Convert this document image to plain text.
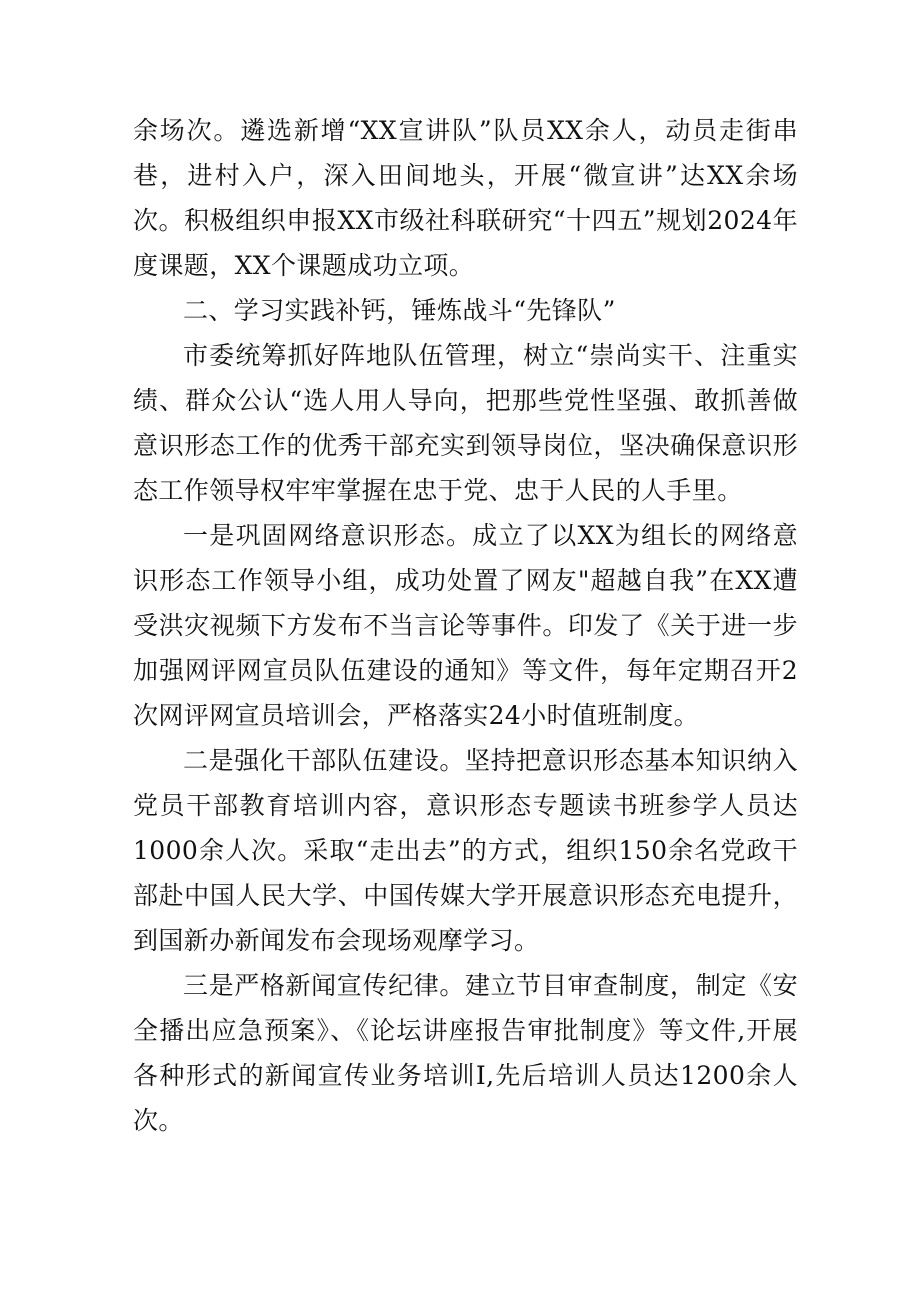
余场次。遴选新增“XX宣讲队”队员XX余人，动员走街串巷，进村入户，深入田间地头，开展“微宣讲”达XX余场次。积极组织申报XX市级社科联研究“十四五”规划2024年度课题，XX个课题成功立项。

二、学习实践补钙，锤炼战斗“先锋队”

市委统筹抓好阵地队伍管理，树立“崇尚实干、注重实绩、群众公认“选人用人导向，把那些党性坚强、敢抓善做意识形态工作的优秀干部充实到领导岗位，坚决确保意识形态工作领导权牢牢掌握在忠于党、忠于人民的人手里。

一是巩固网络意识形态。成立了以XX为组长的网络意识形态工作领导小组，成功处置了网友"超越自我”在XX遭受洪灾视频下方发布不当言论等事件。印发了《关于进一步加强网评网宣员队伍建设的通知》等文件，每年定期召开2次网评网宣员培训会，严格落实24小时值班制度。

二是强化干部队伍建设。坚持把意识形态基本知识纳入党员干部教育培训内容，意识形态专题读书班参学人员达1000余人次。采取“走出去”的方式，组织150余名党政干部赴中国人民大学、中国传媒大学开展意识形态充电提升，到国新办新闻发布会现场观摩学习。

三是严格新闻宣传纪律。建立节目审查制度，制定《安全播出应急预案》、《论坛讲座报告审批制度》等文件,开展各种形式的新闻宣传业务培训I,先后培训人员达1200余人次。
